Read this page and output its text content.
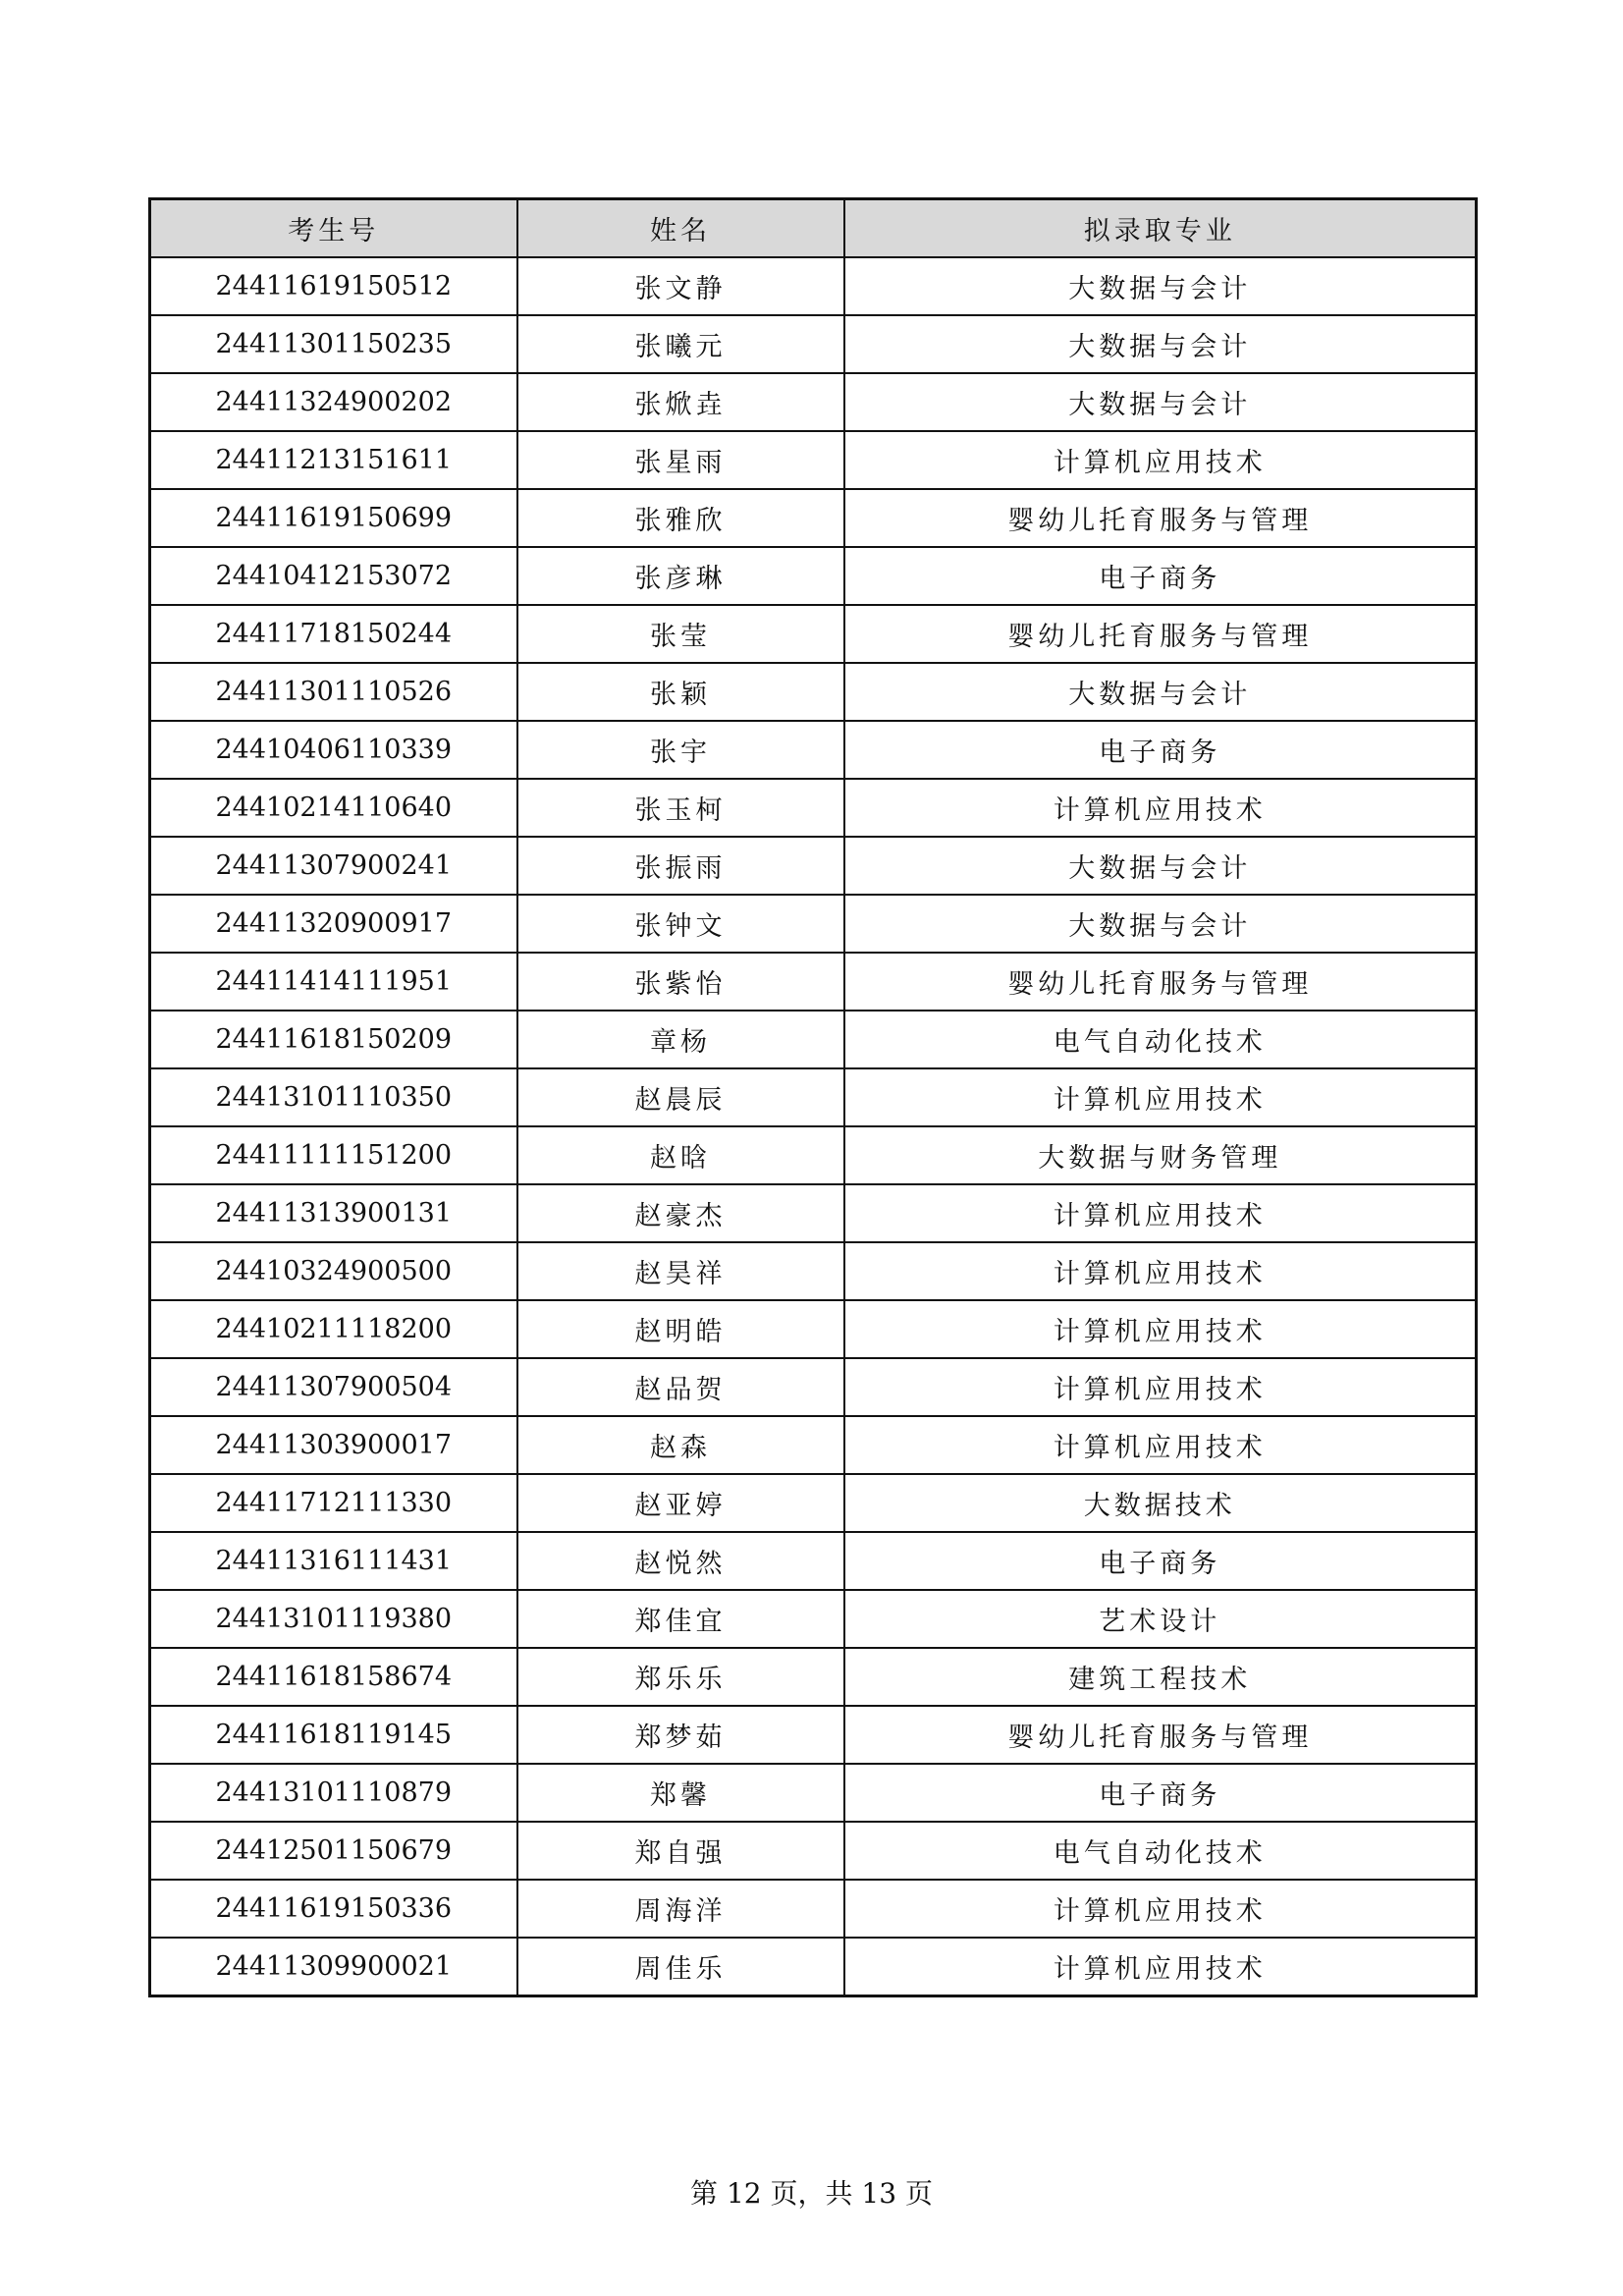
考生号	姓名	拟录取专业
24411619150512	张文静	大数据与会计
24411301150235	张曦元	大数据与会计
24411324900202	张焮垚	大数据与会计
24411213151611	张星雨	计算机应用技术
24411619150699	张雅欣	婴幼儿托育服务与管理
24410412153072	张彦琳	电子商务
24411718150244	张莹	婴幼儿托育服务与管理
24411301110526	张颖	大数据与会计
24410406110339	张宇	电子商务
24410214110640	张玉柯	计算机应用技术
24411307900241	张振雨	大数据与会计
24411320900917	张钟文	大数据与会计
24411414111951	张紫怡	婴幼儿托育服务与管理
24411618150209	章杨	电气自动化技术
24413101110350	赵晨辰	计算机应用技术
24411111151200	赵晗	大数据与财务管理
24411313900131	赵豪杰	计算机应用技术
24410324900500	赵昊祥	计算机应用技术
24410211118200	赵明皓	计算机应用技术
24411307900504	赵品贺	计算机应用技术
24411303900017	赵森	计算机应用技术
24411712111330	赵亚婷	大数据技术
24411316111431	赵悦然	电子商务
24413101119380	郑佳宜	艺术设计
24411618158674	郑乐乐	建筑工程技术
24411618119145	郑梦茹	婴幼儿托育服务与管理
24413101110879	郑馨	电子商务
24412501150679	郑自强	电气自动化技术
24411619150336	周海洋	计算机应用技术
24411309900021	周佳乐	计算机应用技术
第 12 页，共 13 页
